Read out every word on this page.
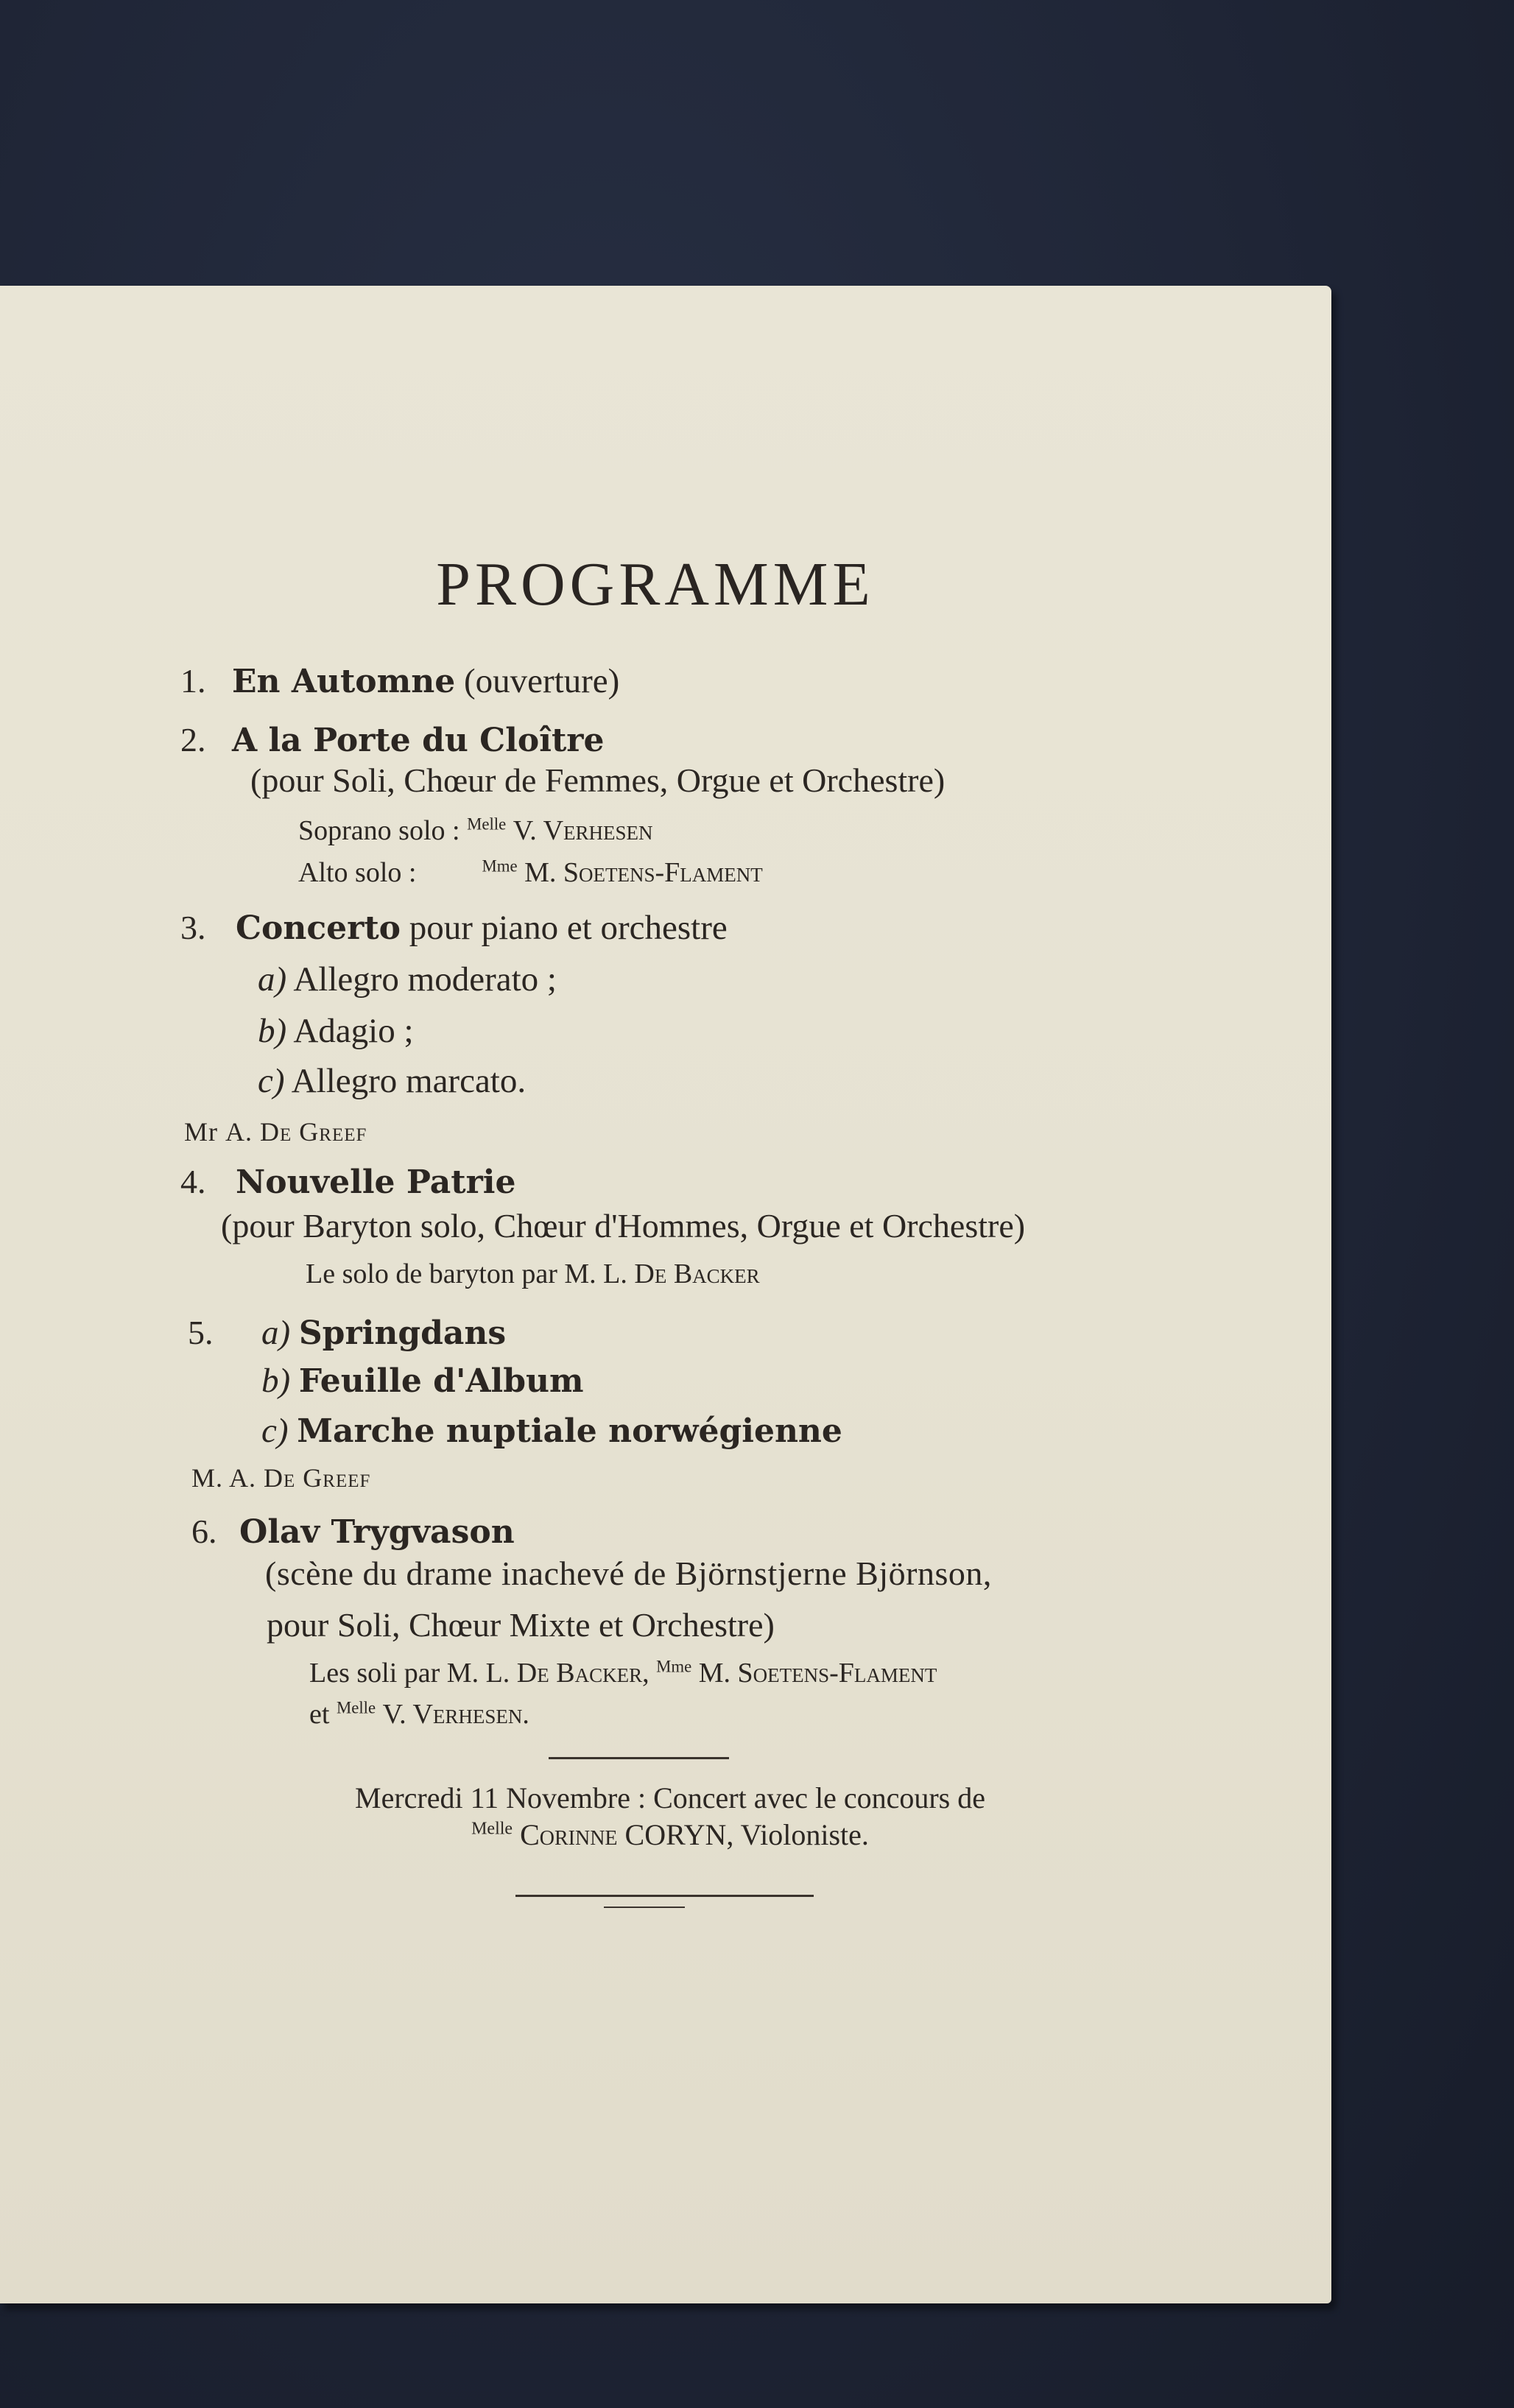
PROGRAMME
1. En Automne (ouverture)
2. A la Porte du Cloître
(pour Soli, Chœur de Femmes, Orgue et Orchestre)
Soprano solo : $^{Melle}$ V. Verhesen
Alto solo :	$^{Mme}$ M. Soetens-Flament
3. Concerto pour piano et orchestre
a) Allegro moderato ;
b) Adagio ;
c) Allegro marcato.
Mr A. De Greef
4. Nouvelle Patrie
(pour Baryton solo, Chœur d'Hommes, Orgue et Orchestre)
Le solo de baryton par M. L. De Backer
5. a) Springdans
b) Feuille d'Album
c) Marche nuptiale norwégienne
M. A. De Greef
6. Olav Trygvason
(scène du drame inachevé de Björnstjerne Björnson,
pour Soli, Chœur Mixte et Orchestre)
Les soli par M. L. De Backer, $^{Mme}$ M. Soetens-Flament
et $^{Melle}$ V. Verhesen.
Mercredi 11 Novembre : Concert avec le concours de
$^{Melle}$ Corinne CORYN, Violoniste.
